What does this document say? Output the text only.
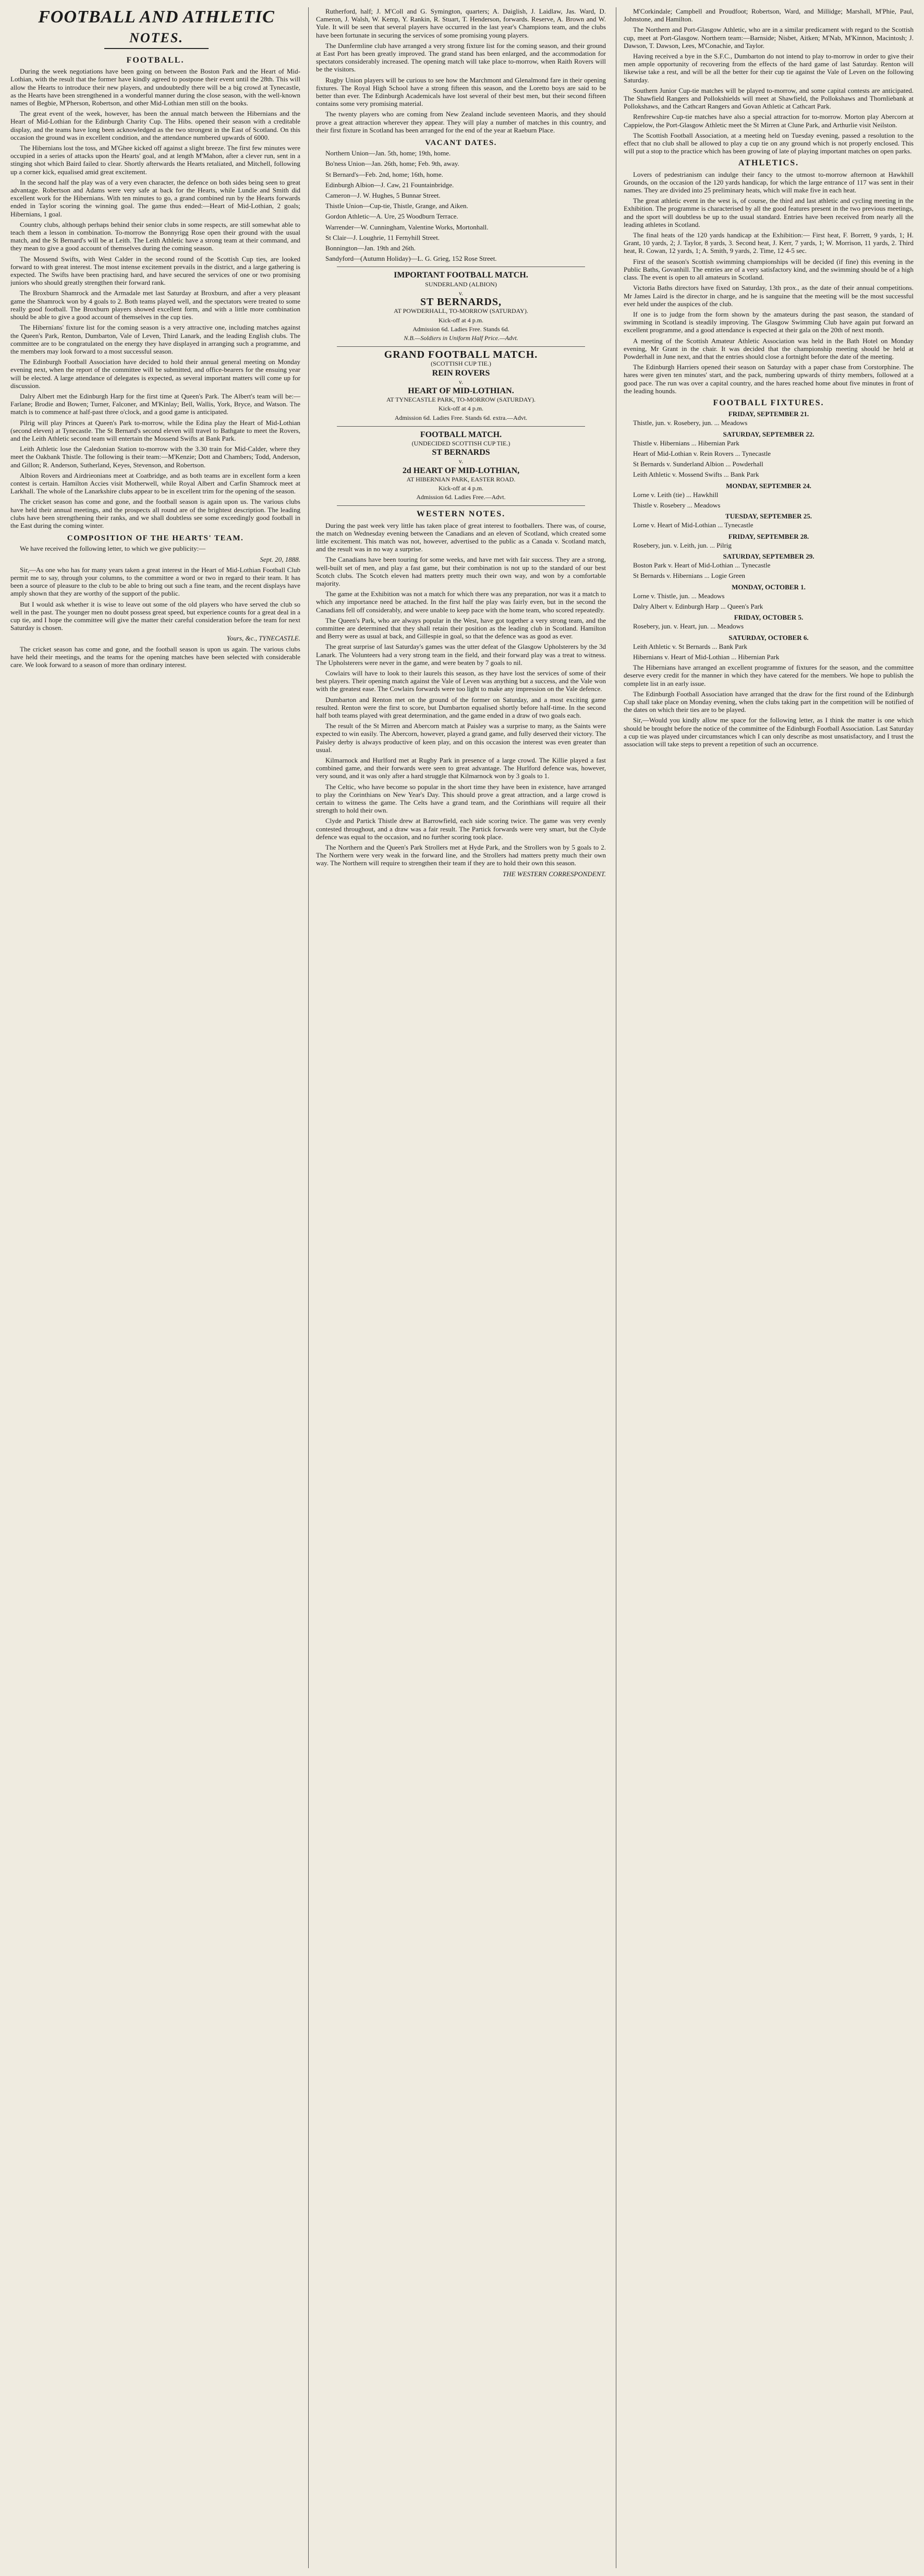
FOOTBALL AND ATHLETIC
NOTES.
FOOTBALL.

During the week negotiations have been going on between the Boston Park and the Heart of Mid-Lothian, with the result that the former have kindly agreed to postpone their event until the 28th. This will allow the Hearts to introduce their new players, and undoubtedly there will be a big crowd at Tynecastle, as the Hearts have been strengthened in a wonderful manner during the close season, with the well-known names of Begbie, M'Pherson, Robertson, and other Mid-Lothian men still on the books.

The great event of the week, however, has been the annual match between the Hibernians and the Heart of Mid-Lothian for the Edinburgh Charity Cup. The Hibs. opened their season with a creditable display, and the teams have long been acknowledged as the two strongest in the East of Scotland. On this occasion the ground was in excellent condition, and the attendance numbered upwards of 6000.

The Hibernians lost the toss, and M'Ghee kicked off against a slight breeze. The first few minutes were occupied in a series of attacks upon the Hearts' goal, and at length M'Mahon, after a clever run, sent in a stinging shot which Baird failed to clear. Shortly afterwards the Hearts retaliated, and Mitchell, following up a corner kick, equalised amid great excitement.

In the second half the play was of a very even character, the defence on both sides being seen to great advantage. Robertson and Adams were very safe at back for the Hearts, while Lundie and Smith did excellent work for the Hibernians. With ten minutes to go, a grand combined run by the Hearts forwards ended in Taylor scoring the winning goal. The game thus ended:—Heart of Mid-Lothian, 2 goals; Hibernians, 1 goal.

Country clubs, although perhaps behind their senior clubs in some respects, are still somewhat able to teach them a lesson in combination. To-morrow the Bonnyrigg Rose open their ground with the usual match, and the St Bernard's will be at Leith. The Leith Athletic have a strong team at their command, and they mean to give a good account of themselves during the coming season.

The Mossend Swifts, with West Calder in the second round of the Scottish Cup ties, are looked forward to with great interest. The most intense excitement prevails in the district, and a large gathering is expected. The Swifts have been practising hard, and have secured the services of one or two promising juniors who should greatly strengthen their forward rank.

The Broxburn Shamrock and the Armadale met last Saturday at Broxburn, and after a very pleasant game the Shamrock won by 4 goals to 2. Both teams played well, and the spectators were treated to some really good football. The Broxburn players showed excellent form, and with a little more combination should be able to give a good account of themselves in the cup ties.

The Hibernians' fixture list for the coming season is a very attractive one, including matches against the Queen's Park, Renton, Dumbarton, Vale of Leven, Third Lanark, and the leading English clubs. The committee are to be congratulated on the energy they have displayed in arranging such a programme, and the members may look forward to a most successful season.

The Edinburgh Football Association have decided to hold their annual general meeting on Monday evening next, when the report of the committee will be submitted, and office-bearers for the ensuing year will be elected. A large attendance of delegates is expected, as several important matters will come up for discussion.

Dalry Albert met the Edinburgh Harp for the first time at Queen's Park. The Albert's team will be:—Farlane; Brodie and Bowen; Turner, Falconer, and M'Kinlay; Bell, Wallis, York, Bryce, and Watson. The match is to commence at half-past three o'clock, and a good game is anticipated.

Pilrig will play Princes at Queen's Park to-morrow, while the Edina play the Heart of Mid-Lothian (second eleven) at Tynecastle. The St Bernard's second eleven will travel to Bathgate to meet the Rovers, and the Leith Athletic second team will entertain the Mossend Swifts at Bank Park.

Leith Athletic lose the Caledonian Station to-morrow with the 3.30 train for Mid-Calder, where they meet the Oakbank Thistle. The following is their team:—M'Kenzie; Dott and Chambers; Todd, Anderson, and Gillon; R. Anderson, Sutherland, Keyes, Stevenson, and Robertson.

Albion Rovers and Airdrieonians meet at Coatbridge, and as both teams are in excellent form a keen contest is certain. Hamilton Accies visit Motherwell, while Royal Albert and Carfin Shamrock meet at Larkhall. The whole of the Lanarkshire clubs appear to be in excellent trim for the opening of the season.

The cricket season has come and gone, and the football season is again upon us. The various clubs have held their annual meetings, and the prospects all round are of the brightest description. The leading clubs have been strengthening their ranks, and we shall doubtless see some exceedingly good football in the East during the coming winter.

COMPOSITION OF THE HEARTS' TEAM.

We have received the following letter, to which we give publicity:—

Sept. 20, 1888.

Sir,—As one who has for many years taken a great interest in the Heart of Mid-Lothian Football Club permit me to say, through your columns, to the committee a word or two in regard to their team. It has been a source of pleasure to the club to be able to bring out such a fine team, and the recent displays have amply shown that they are worthy of the support of the public.

But I would ask whether it is wise to leave out some of the old players who have served the club so well in the past. The younger men no doubt possess great speed, but experience counts for a great deal in a cup tie, and I hope the committee will give the matter their careful consideration before the team for next Saturday is chosen.

Yours, &c., TYNECASTLE.

The cricket season has come and gone, and the football season is upon us again. The various clubs have held their meetings, and the teams for the opening matches have been selected with considerable care. We look forward to a season of more than ordinary interest.

Rutherford, half; J. M'Coll and G. Symington, quarters; A. Daiglish, J. Laidlaw, Jas. Ward, D. Cameron, J. Walsh, W. Kemp, Y. Rankin, R. Stuart, T. Henderson, forwards. Reserve, A. Brown and W. Yule. It will be seen that several players have occurred in the last year's Champions team, and the clubs have been fortunate in securing the services of some promising young players.

The Dunfermline club have arranged a very strong fixture list for the coming season, and their ground at East Port has been greatly improved. The grand stand has been enlarged, and the accommodation for spectators considerably increased. The opening match will take place to-morrow, when Raith Rovers will be the visitors.

Rugby Union players will be curious to see how the Marchmont and Glenalmond fare in their opening fixtures. The Royal High School have a strong fifteen this season, and the Loretto boys are said to be better than ever. The Edinburgh Academicals have lost several of their best men, but their second fifteen contains some very promising material.

The twenty players who are coming from New Zealand include seventeen Maoris, and they should prove a great attraction wherever they appear. They will play a number of matches in this country, and their first fixture in Scotland has been arranged for the end of the year at Raeburn Place.

VACANT DATES.

Northern Union—Jan. 5th, home; 19th, home.

Bo'ness Union—Jan. 26th, home; Feb. 9th, away.

St Bernard's—Feb. 2nd, home; 16th, home.

Edinburgh Albion—J. Caw, 21 Fountainbridge.

Cameron—J. W. Hughes, 5 Bunnar Street.

Thistle Union—Cup-tie, Thistle, Grange, and Aiken.

Gordon Athletic—A. Ure, 25 Woodburn Terrace.

Warrender—W. Cunningham, Valentine Works, Mortonhall.

St Clair—J. Loughrie, 11 Fernyhill Street.

Bonnington—Jan. 19th and 26th.

Sandyford—(Autumn Holiday)—L. G. Grieg, 152 Rose Street.

IMPORTANT FOOTBALL MATCH.

SUNDERLAND (ALBION)

v.

ST BERNARDS,

AT POWDERHALL, TO-MORROW (SATURDAY).

Kick-off at 4 p.m.

Admission 6d. Ladies Free. Stands 6d.

N.B.—Soldiers in Uniform Half Price.—Advt.

GRAND FOOTBALL MATCH.

(SCOTTISH CUP TIE.)

REIN ROVERS

v.

HEART OF MID-LOTHIAN.

AT TYNECASTLE PARK, TO-MORROW (SATURDAY).

Kick-off at 4 p.m.

Admission 6d. Ladies Free. Stands 6d. extra.—Advt.

FOOTBALL MATCH.

(UNDECIDED SCOTTISH CUP TIE.)

ST BERNARDS

v.

2d HEART OF MID-LOTHIAN,

AT HIBERNIAN PARK, EASTER ROAD.

Kick-off at 4 p.m.

Admission 6d. Ladies Free.—Advt.

WESTERN NOTES.

During the past week very little has taken place of great interest to footballers. There was, of course, the match on Wednesday evening between the Canadians and an eleven of Scotland, which created some little excitement. This match was not, however, advertised to the public as a Canada v. Scotland match, and the result was in no way a surprise.

The Canadians have been touring for some weeks, and have met with fair success. They are a strong, well-built set of men, and play a fast game, but their combination is not up to the standard of our best Scotch clubs. The Scotch eleven had matters pretty much their own way, and won by a comfortable majority.

The game at the Exhibition was not a match for which there was any preparation, nor was it a match to which any importance need be attached. In the first half the play was fairly even, but in the second the Canadians fell off considerably, and were unable to keep pace with the home team, who scored repeatedly.

The Queen's Park, who are always popular in the West, have got together a very strong team, and the committee are determined that they shall retain their position as the leading club in Scotland. Hamilton and Berry were as usual at back, and Gillespie in goal, so that the defence was as good as ever.

The great surprise of last Saturday's games was the utter defeat of the Glasgow Upholsterers by the 3d Lanark. The Volunteers had a very strong team in the field, and their forward play was a treat to witness. The Upholsterers were never in the game, and were beaten by 7 goals to nil.

Cowlairs will have to look to their laurels this season, as they have lost the services of some of their best players. Their opening match against the Vale of Leven was anything but a success, and the Vale won with the greatest ease. The Cowlairs forwards were too light to make any impression on the Vale defence.

Dumbarton and Renton met on the ground of the former on Saturday, and a most exciting game resulted. Renton were the first to score, but Dumbarton equalised shortly before half-time. In the second half both teams played with great determination, and the game ended in a draw of two goals each.

The result of the St Mirren and Abercorn match at Paisley was a surprise to many, as the Saints were expected to win easily. The Abercorn, however, played a grand game, and fully deserved their victory. The Paisley derby is always productive of keen play, and on this occasion the interest was even greater than usual.

Kilmarnock and Hurlford met at Rugby Park in presence of a large crowd. The Killie played a fast combined game, and their forwards were seen to great advantage. The Hurlford defence was, however, very sound, and it was only after a hard struggle that Kilmarnock won by 3 goals to 1.

The Celtic, who have become so popular in the short time they have been in existence, have arranged to play the Corinthians on New Year's Day. This should prove a great attraction, and a large crowd is certain to witness the game. The Celts have a grand team, and the Corinthians will require all their strength to hold their own.

Clyde and Partick Thistle drew at Barrowfield, each side scoring twice. The game was very evenly contested throughout, and a draw was a fair result. The Partick forwards were very smart, but the Clyde defence was equal to the occasion, and no further scoring took place.

The Northern and the Queen's Park Strollers met at Hyde Park, and the Strollers won by 5 goals to 2. The Northern were very weak in the forward line, and the Strollers had matters pretty much their own way. The Northern will require to strengthen their team if they are to hold their own this season.

THE WESTERN CORRESPONDENT.

M'Corkindale; Campbell and Proudfoot; Robertson, Ward, and Millidge; Marshall, M'Phie, Paul, Johnstone, and Hamilton.

The Northern and Port-Glasgow Athletic, who are in a similar predicament with regard to the Scottish cup, meet at Port-Glasgow. Northern team:—Barnside; Nisbet, Aitken; M'Nab, M'Kinnon, Macintosh; J. Dawson, T. Dawson, Lees, M'Conachie, and Taylor.

Having received a bye in the S.F.C., Dumbarton do not intend to play to-morrow in order to give their men ample opportunity of recovering from the effects of the hard game of last Saturday. Renton will likewise take a rest, and will be all the better for their cup tie against the Vale of Leven on the following Saturday.

Southern Junior Cup-tie matches will be played to-morrow, and some capital contests are anticipated. The Shawfield Rangers and Pollokshields will meet at Shawfield, the Pollokshaws and Thornliebank at Pollokshaws, and the Cathcart Rangers and Govan Athletic at Cathcart Park.

Renfrewshire Cup-tie matches have also a special attraction for to-morrow. Morton play Abercorn at Cappielow, the Port-Glasgow Athletic meet the St Mirren at Clune Park, and Arthurlie visit Neilston.

The Scottish Football Association, at a meeting held on Tuesday evening, passed a resolution to the effect that no club shall be allowed to play a cup tie on any ground which is not properly enclosed. This will put a stop to the practice which has been growing of late of playing important matches on open parks.

ATHLETICS.

Lovers of pedestrianism can indulge their fancy to the utmost to-morrow afternoon at Hawkhill Grounds, on the occasion of the 120 yards handicap, for which the large entrance of 117 was sent in their names. They are divided into 25 preliminary heats, which will make five in each heat.

The great athletic event in the west is, of course, the third and last athletic and cycling meeting in the Exhibition. The programme is characterised by all the good features present in the two previous meetings, and the sport will doubtless be up to the usual standard. Entries have been received from nearly all the leading athletes in Scotland.

The final heats of the 120 yards handicap at the Exhibition:— First heat, F. Borrett, 9 yards, 1; H. Grant, 10 yards, 2; J. Taylor, 8 yards, 3. Second heat, J. Kerr, 7 yards, 1; W. Morrison, 11 yards, 2. Third heat, R. Cowan, 12 yards, 1; A. Smith, 9 yards, 2. Time, 12 4-5 sec.

First of the season's Scottish swimming championships will be decided (if fine) this evening in the Public Baths, Govanhill. The entries are of a very satisfactory kind, and the swimming should be of a high class. The event is open to all amateurs in Scotland.

Victoria Baths directors have fixed on Saturday, 13th prox., as the date of their annual competitions. Mr James Laird is the director in charge, and he is sanguine that the meeting will be the most successful ever held under the auspices of the club.

If one is to judge from the form shown by the amateurs during the past season, the standard of swimming in Scotland is steadily improving. The Glasgow Swimming Club have again put forward an excellent programme, and a good attendance is expected at their gala on the 20th of next month.

A meeting of the Scottish Amateur Athletic Association was held in the Bath Hotel on Monday evening, Mr Grant in the chair. It was decided that the championship meeting should be held at Powderhall in June next, and that the entries should close a fortnight before the date of the meeting.

The Edinburgh Harriers opened their season on Saturday with a paper chase from Corstorphine. The hares were given ten minutes' start, and the pack, numbering upwards of thirty members, followed at a good pace. The run was over a capital country, and the hares reached home about five minutes in front of the leading hounds.

FOOTBALL FIXTURES.
FRIDAY, SEPTEMBER 21.

Thistle, jun. v. Rosebery, jun. ... Meadows

SATURDAY, SEPTEMBER 22.

Thistle v. Hibernians ... Hibernian Park

Heart of Mid-Lothian v. Rein Rovers ... Tynecastle

St Bernards v. Sunderland Albion ... Powderhall

Leith Athletic v. Mossend Swifts ... Bank Park

MONDAY, SEPTEMBER 24.

Lorne v. Leith (tie) ... Hawkhill

Thistle v. Rosebery ... Meadows

TUESDAY, SEPTEMBER 25.

Lorne v. Heart of Mid-Lothian ... Tynecastle

FRIDAY, SEPTEMBER 28.

Rosebery, jun. v. Leith, jun. ... Pilrig

SATURDAY, SEPTEMBER 29.

Boston Park v. Heart of Mid-Lothian ... Tynecastle

St Bernards v. Hibernians ... Logie Green

MONDAY, OCTOBER 1.

Lorne v. Thistle, jun. ... Meadows

Dalry Albert v. Edinburgh Harp ... Queen's Park

FRIDAY, OCTOBER 5.

Rosebery, jun. v. Heart, jun. ... Meadows

SATURDAY, OCTOBER 6.

Leith Athletic v. St Bernards ... Bank Park

Hibernians v. Heart of Mid-Lothian ... Hibernian Park

The Hibernians have arranged an excellent programme of fixtures for the season, and the committee deserve every credit for the manner in which they have catered for the members. We hope to publish the complete list in an early issue.

The Edinburgh Football Association have arranged that the draw for the first round of the Edinburgh Cup shall take place on Monday evening, when the clubs taking part in the competition will be notified of the dates on which their ties are to be played.

Sir,—Would you kindly allow me space for the following letter, as I think the matter is one which should be brought before the notice of the committee of the Edinburgh Football Association. Last Saturday a cup tie was played under circumstances which I can only describe as most unsatisfactory, and I trust the association will take steps to prevent a repetition of such an occurrence.
